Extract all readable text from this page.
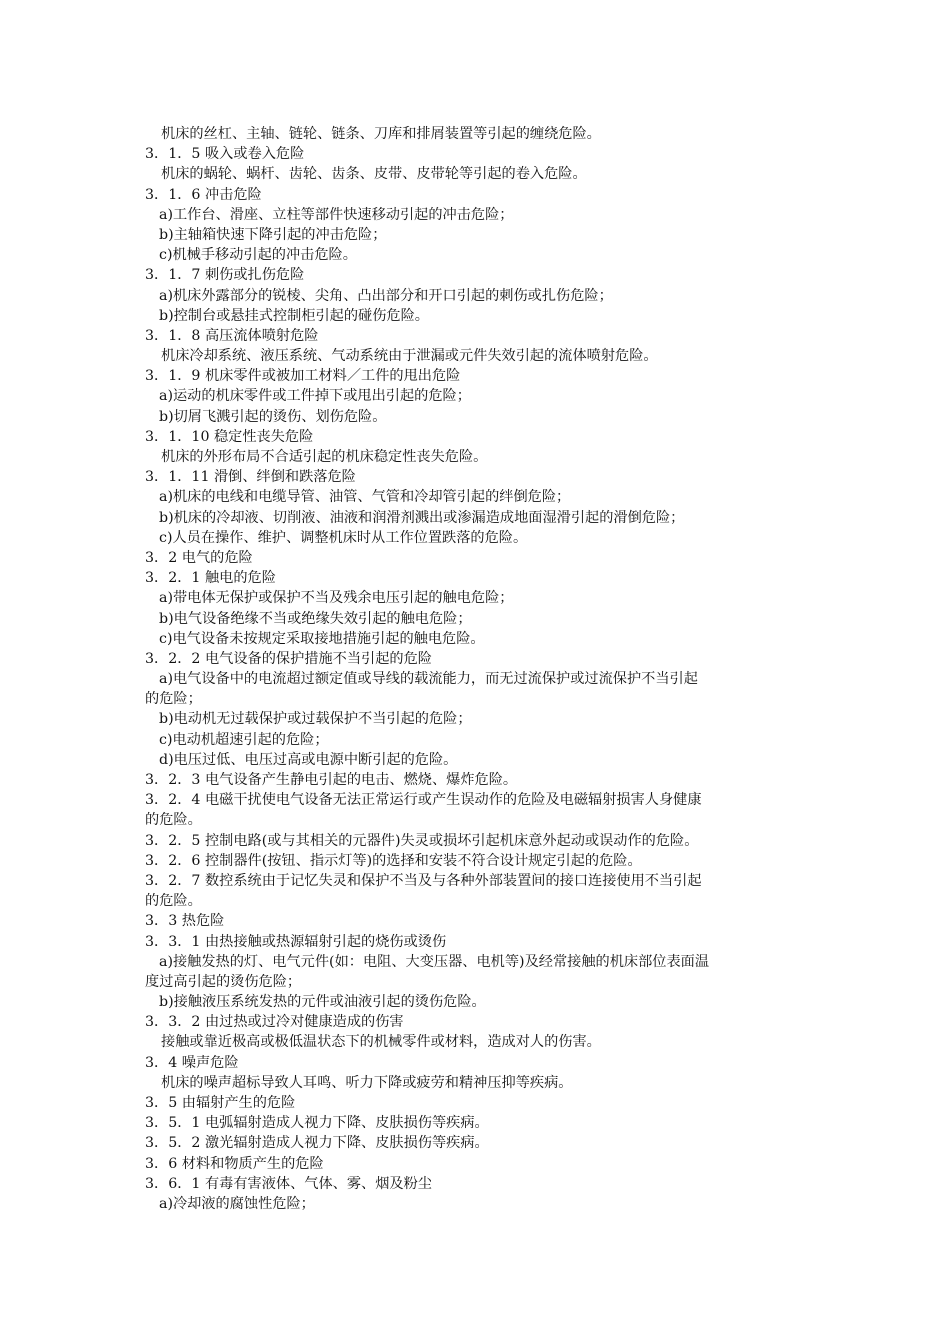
机床的丝杠、主轴、链轮、链条、刀库和排屑装置等引起的缠绕危险。
3．1．5 吸入或卷入危险
机床的蜗轮、蜗杆、齿轮、齿条、皮带、皮带轮等引起的卷入危险。
3．1．6 冲击危险
a)工作台、滑座、立柱等部件快速移动引起的冲击危险；
b)主轴箱快速下降引起的冲击危险；
c)机械手移动引起的冲击危险。
3．1．7 刺伤或扎伤危险
a)机床外露部分的锐棱、尖角、凸出部分和开口引起的刺伤或扎伤危险；
b)控制台或悬挂式控制柜引起的碰伤危险。
3．1．8 高压流体喷射危险
机床冷却系统、液压系统、气动系统由于泄漏或元件失效引起的流体喷射危险。
3．1．9 机床零件或被加工材料／工件的甩出危险
a)运动的机床零件或工件掉下或甩出引起的危险；
b)切屑飞溅引起的烫伤、划伤危险。
3．1．10 稳定性丧失危险
机床的外形布局不合适引起的机床稳定性丧失危险。
3．1．11 滑倒、绊倒和跌落危险
a)机床的电线和电缆导管、油管、气管和冷却管引起的绊倒危险；
b)机床的冷却液、切削液、油液和润滑剂溅出或渗漏造成地面湿滑引起的滑倒危险；
c)人员在操作、维护、调整机床时从工作位置跌落的危险。
3．2 电气的危险
3．2．1 触电的危险
a)带电体无保护或保护不当及残余电压引起的触电危险；
b)电气设备绝缘不当或绝缘失效引起的触电危险；
c)电气设备未按规定采取接地措施引起的触电危险。
3．2．2 电气设备的保护措施不当引起的危险
a)电气设备中的电流超过额定值或导线的载流能力，而无过流保护或过流保护不当引起
的危险；
b)电动机无过载保护或过载保护不当引起的危险；
c)电动机超速引起的危险；
d)电压过低、电压过高或电源中断引起的危险。
3．2．3 电气设备产生静电引起的电击、燃烧、爆炸危险。
3．2．4 电磁干扰使电气设备无法正常运行或产生误动作的危险及电磁辐射损害人身健康
的危险。
3．2．5 控制电路(或与其相关的元器件)失灵或损坏引起机床意外起动或误动作的危险。
3．2．6 控制器件(按钮、指示灯等)的选择和安装不符合设计规定引起的危险。
3．2．7 数控系统由于记忆失灵和保护不当及与各种外部装置间的接口连接使用不当引起
的危险。
3．3 热危险
3．3．1 由热接触或热源辐射引起的烧伤或烫伤
a)接触发热的灯、电气元件(如：电阻、大变压器、电机等)及经常接触的机床部位表面温
度过高引起的烫伤危险；
b)接触液压系统发热的元件或油液引起的烫伤危险。
3．3．2 由过热或过冷对健康造成的伤害
接触或靠近极高或极低温状态下的机械零件或材料，造成对人的伤害。
3．4 噪声危险
机床的噪声超标导致人耳鸣、听力下降或疲劳和精神压抑等疾病。
3．5 由辐射产生的危险
3．5．1 电弧辐射造成人视力下降、皮肤损伤等疾病。
3．5．2 激光辐射造成人视力下降、皮肤损伤等疾病。
3．6 材料和物质产生的危险
3．6．1 有毒有害液体、气体、雾、烟及粉尘
a)冷却液的腐蚀性危险；
